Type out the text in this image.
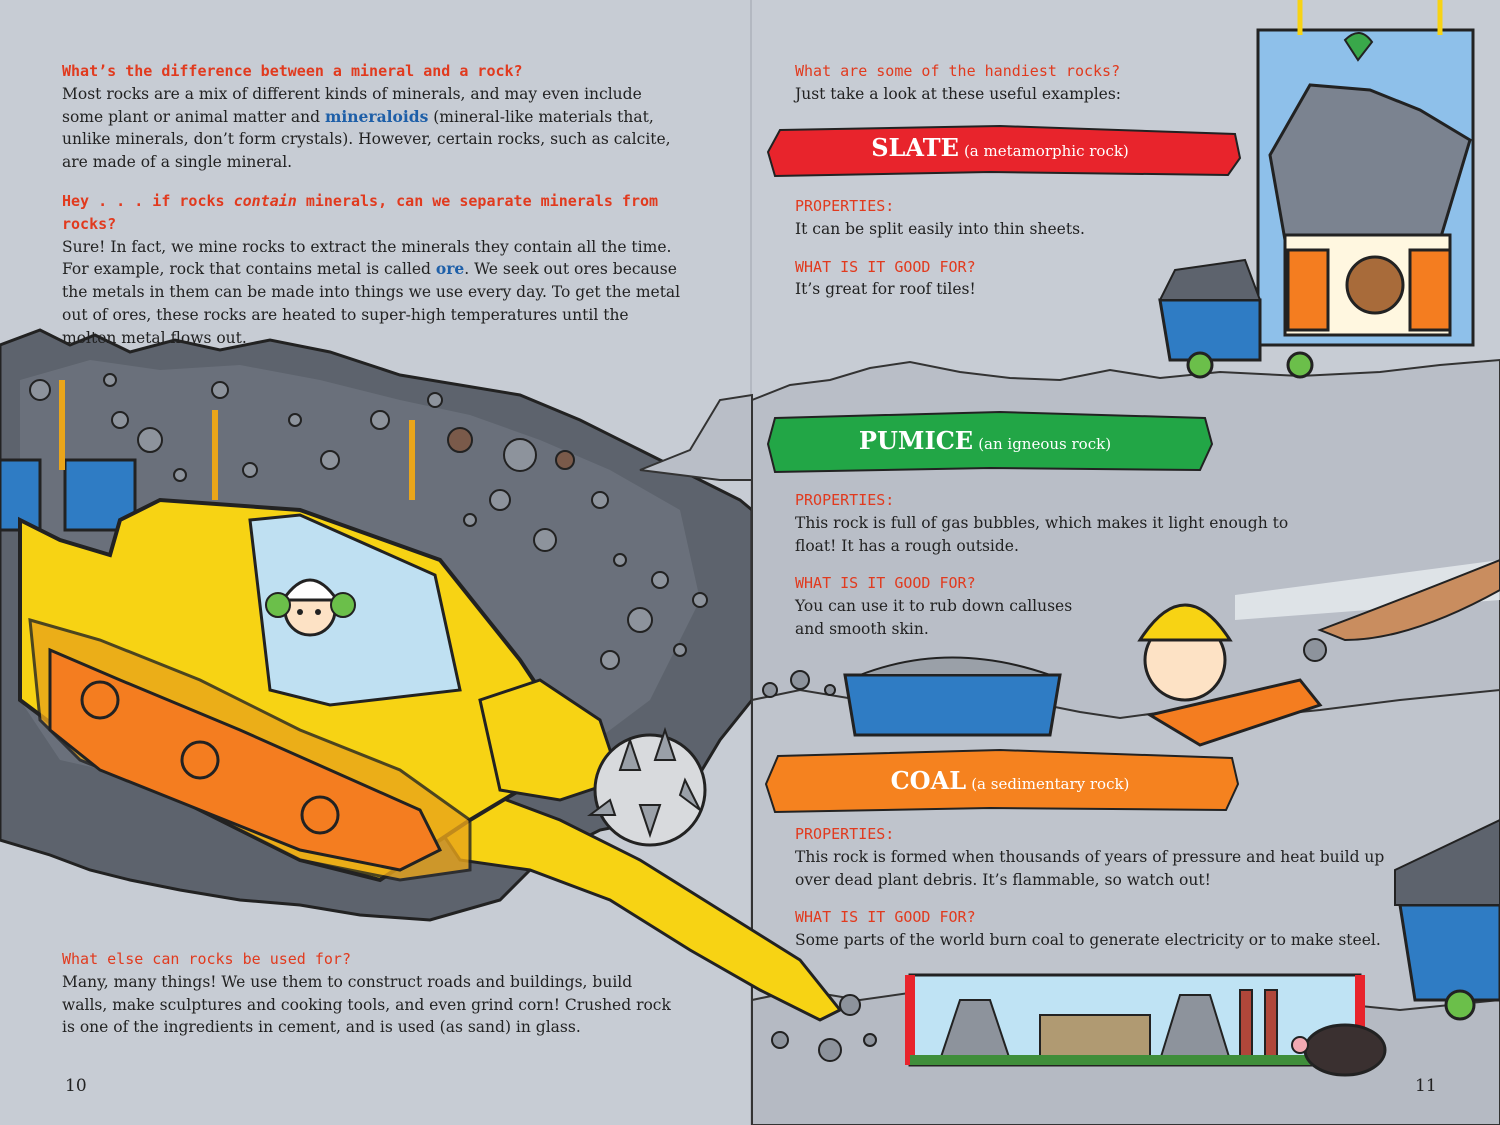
What’s the difference between a mineral and a rock?
Most rocks are a mix of different kinds of minerals, and may even include some plant or animal matter and mineraloids (mineral-like materials that, unlike minerals, don’t form crystals). However, certain rocks, such as calcite, are made of a single mineral.
Hey . . . if rocks contain minerals, can we separate minerals from rocks?
Sure! In fact, we mine rocks to extract the minerals they contain all the time. For example, rock that contains metal is called ore. We seek out ores because the metals in them can be made into things we use every day. To get the metal out of ores, these rocks are heated to super-high temperatures until the molten metal flows out.
What else can rocks be used for?
Many, many things! We use them to construct roads and buildings, build walls, make sculptures and cooking tools, and even grind corn! Crushed rock is one of the ingredients in cement, and is used (as sand) in glass.
10
What are some of the handiest rocks?
Just take a look at these useful examples:
SLATE (a metamorphic rock)
PROPERTIES:
It can be split easily into thin sheets.
WHAT IS IT GOOD FOR?
It’s great for roof tiles!
PUMICE (an igneous rock)
PROPERTIES:
This rock is full of gas bubbles, which makes it light enough to float! It has a rough outside.
WHAT IS IT GOOD FOR?
You can use it to rub down calluses and smooth skin.
COAL (a sedimentary rock)
PROPERTIES:
This rock is formed when thousands of years of pressure and heat build up over dead plant debris. It’s flammable, so watch out!
WHAT IS IT GOOD FOR?
Some parts of the world burn coal to generate electricity or to make steel.
11
